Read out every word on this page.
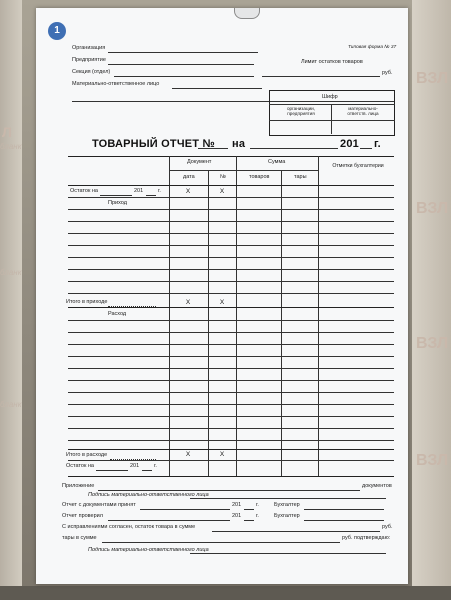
Л
бланк
ВЗЛ
ВЗЛ
ВЗЛ
ВЗЛ
бланк
бланк
1
Организация	Типовая форма № 37
Предприятие	Лимит остатков товаров
Секция (отдел)	руб.
Материально-ответственное лицо
Шифр
организации, предприятия
материально-ответств. лица
ТОВАРНЫЙ ОТЧЕТ № на	201 г.
Документ	Сумма
Отметки бухгалтерии
дата	№	товаров	тары
Остаток на	201	г.	X	X
Приход
Итого в приходе	X	X
Расход
Итого в расходе	X	X
Остаток на	201	г.
Приложение	документов
Подпись материально-ответственного лица
Отчет с документами принят	201	г.	Бухгалтер
Отчет проверил	201	г.	Бухгалтер
С исправлениями согласен, остаток товара в сумме	руб.
тары в сумме	руб. подтверждаю:
Подпись материально-ответственного лица
